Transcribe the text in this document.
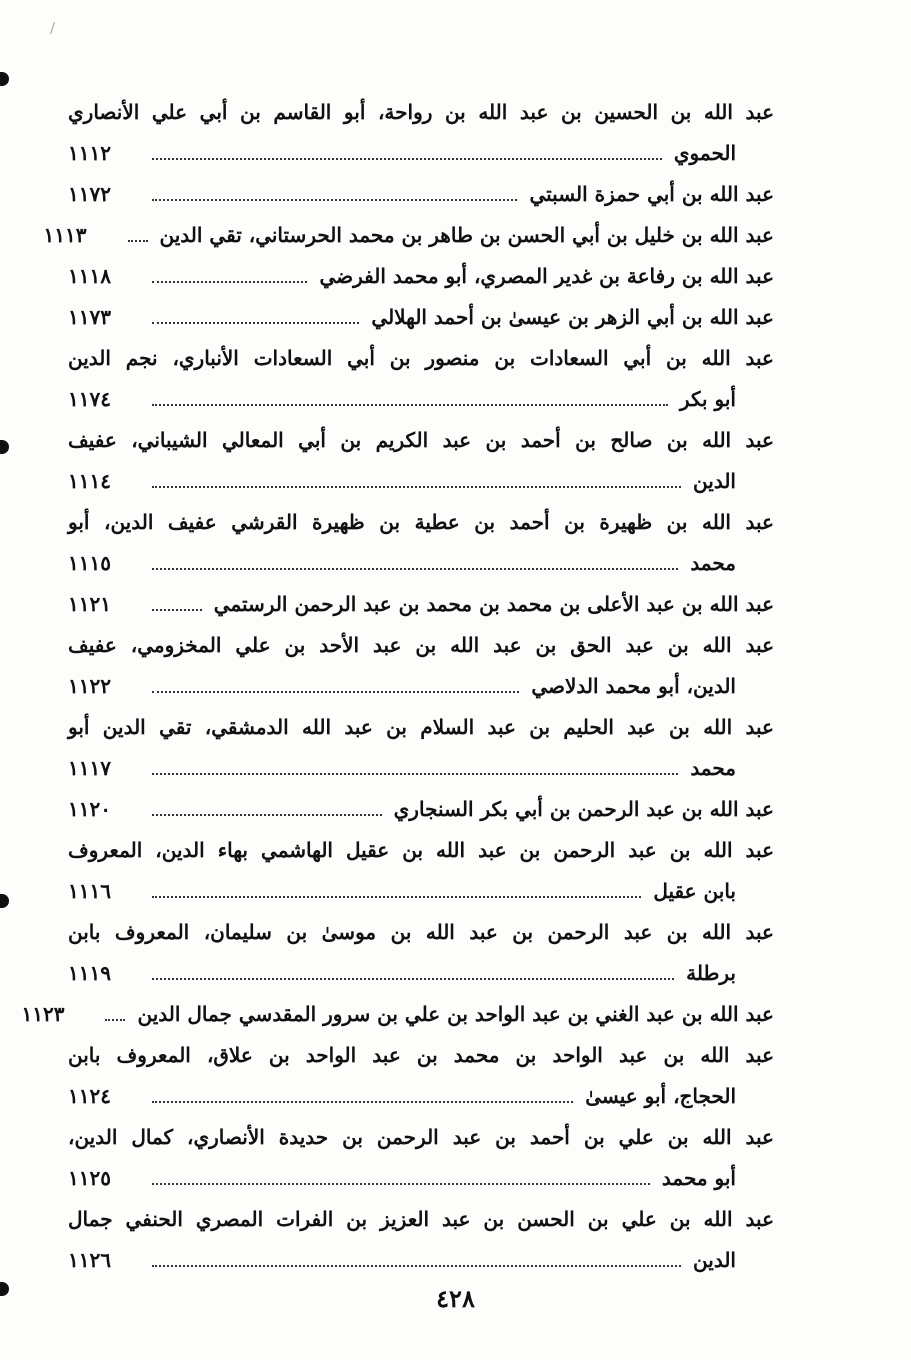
عبد الله بن الحسين بن عبد الله بن رواحة، أبو القاسم بن أبي علي الأنصاري
الحموي
١١١٢
عبد الله بن أبي حمزة السبتي
١١٧٢
عبد الله بن خليل بن أبي الحسن بن طاهر بن محمد الحرستاني، تقي الدين
١١١٣
عبد الله بن رفاعة بن غدير المصري، أبو محمد الفرضي
١١١٨
عبد الله بن أبي الزهر بن عيسىٰ بن أحمد الهلالي
١١٧٣
عبد الله بن أبي السعادات بن منصور بن أبي السعادات الأنباري، نجم الدين
أبو بكر
١١٧٤
عبد الله بن صالح بن أحمد بن عبد الكريم بن أبي المعالي الشيباني، عفيف
الدين
١١١٤
عبد الله بن ظهيرة بن أحمد بن عطية بن ظهيرة القرشي عفيف الدين، أبو
محمد
١١١٥
عبد الله بن عبد الأعلى بن محمد بن محمد بن عبد الرحمن الرستمي
١١٢١
عبد الله بن عبد الحق بن عبد الله بن عبد الأحد بن علي المخزومي، عفيف
الدين، أبو محمد الدلاصي
١١٢٢
عبد الله بن عبد الحليم بن عبد السلام بن عبد الله الدمشقي، تقي الدين أبو
محمد
١١١٧
عبد الله بن عبد الرحمن بن أبي بكر السنجاري
١١٢٠
عبد الله بن عبد الرحمن بن عبد الله بن عقيل الهاشمي بهاء الدين، المعروف
بابن عقيل
١١١٦
عبد الله بن عبد الرحمن بن عبد الله بن موسىٰ بن سليمان، المعروف بابن
برطلة
١١١٩
عبد الله بن عبد الغني بن عبد الواحد بن علي بن سرور المقدسي جمال الدين
١١٢٣
عبد الله بن عبد الواحد بن محمد بن عبد الواحد بن علاق، المعروف بابن
الحجاج، أبو عيسىٰ
١١٢٤
عبد الله بن علي بن أحمد بن عبد الرحمن بن حديدة الأنصاري، كمال الدين،
أبو محمد
١١٢٥
عبد الله بن علي بن الحسن بن عبد العزيز بن الفرات المصري الحنفي جمال
الدين
١١٢٦
٤٢٨
